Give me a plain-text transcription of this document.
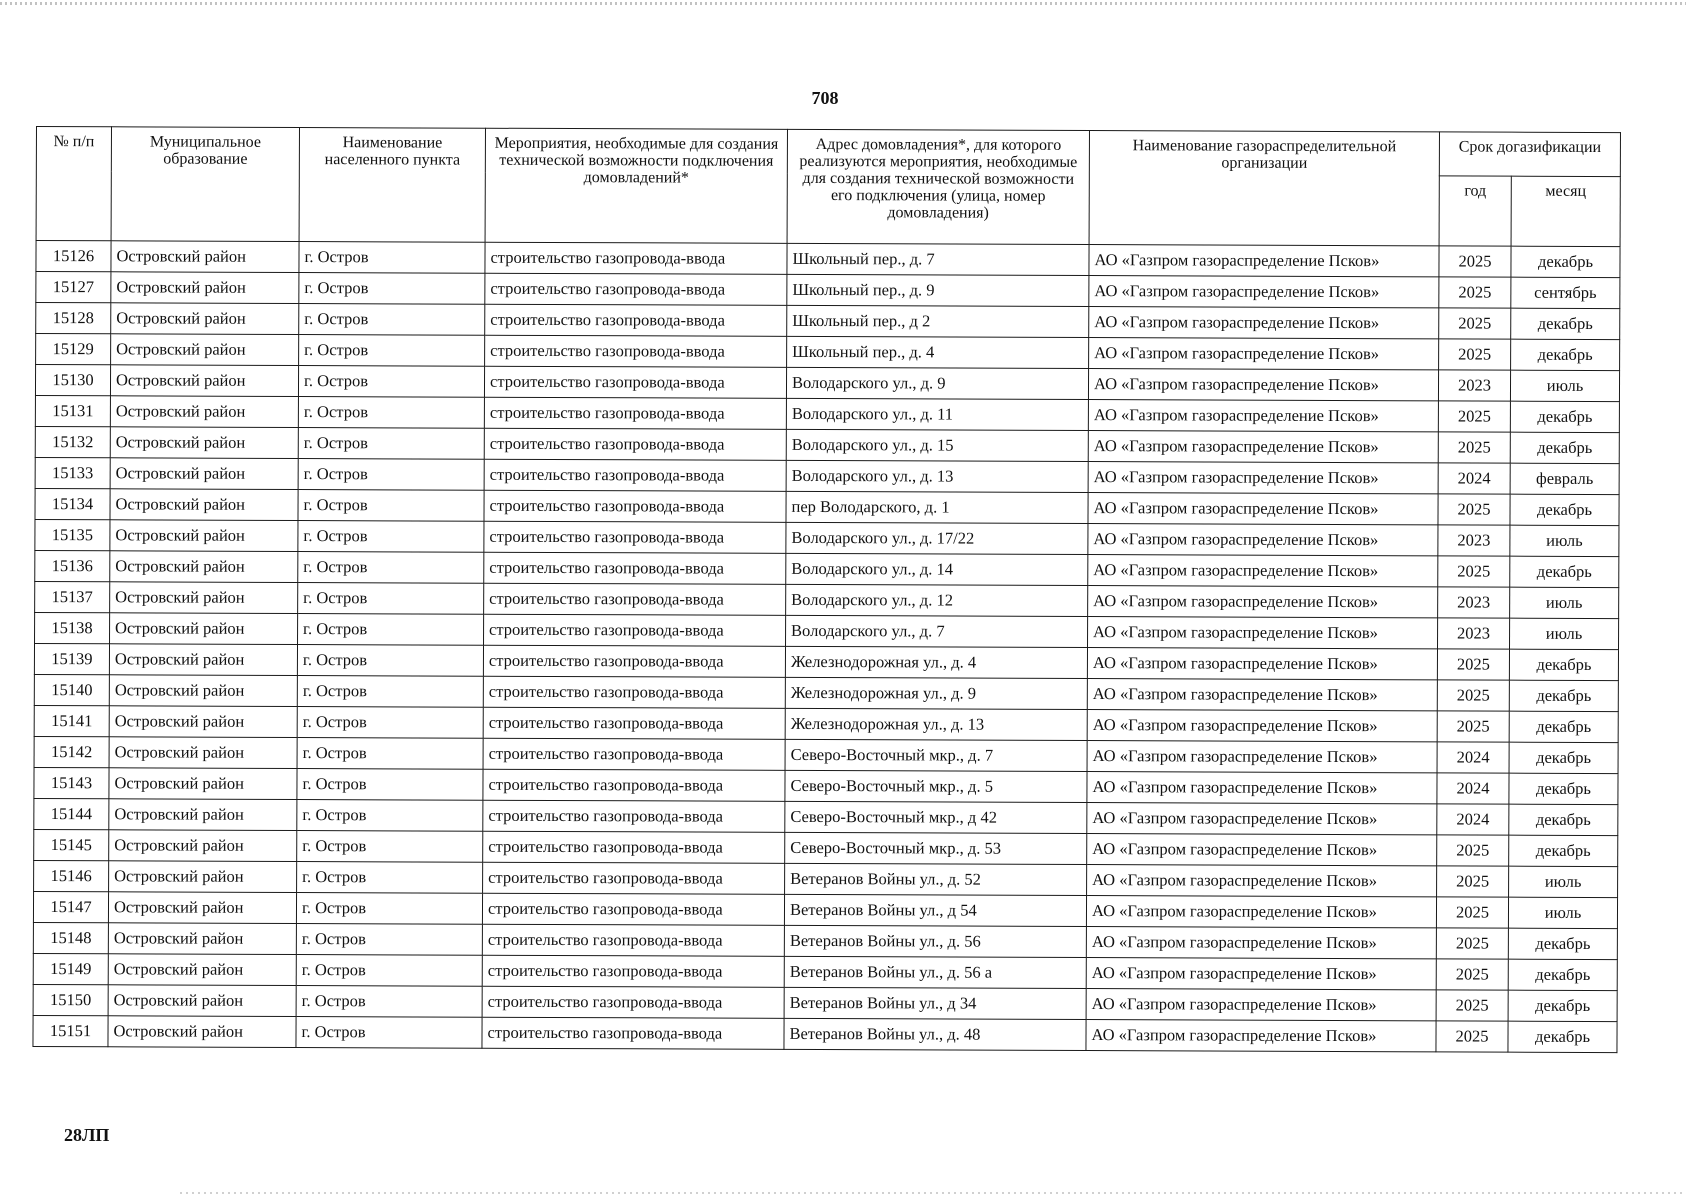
708
№ п/п	Муниципальное образование	Наименование населенного пункта	Мероприятия, необходимые для создания технической возможности подключения домовладений*	Адрес домовладения*, для которого реализуются мероприятия, необходимые для создания технической возможности его подключения (улица, номер домовладения)	Наименование газораспределительной организации	Срок догазификации	
						год	месяц
15126	Островский район	г. Остров	строительство газопровода-ввода	Школьный пер., д. 7	АО «Газпром газораспределение Псков»	2025	декабрь
15127	Островский район	г. Остров	строительство газопровода-ввода	Школьный пер., д. 9	АО «Газпром газораспределение Псков»	2025	сентябрь
15128	Островский район	г. Остров	строительство газопровода-ввода	Школьный пер., д 2	АО «Газпром газораспределение Псков»	2025	декабрь
15129	Островский район	г. Остров	строительство газопровода-ввода	Школьный пер., д. 4	АО «Газпром газораспределение Псков»	2025	декабрь
15130	Островский район	г. Остров	строительство газопровода-ввода	Володарского ул., д. 9	АО «Газпром газораспределение Псков»	2023	июль
15131	Островский район	г. Остров	строительство газопровода-ввода	Володарского ул., д. 11	АО «Газпром газораспределение Псков»	2025	декабрь
15132	Островский район	г. Остров	строительство газопровода-ввода	Володарского ул., д. 15	АО «Газпром газораспределение Псков»	2025	декабрь
15133	Островский район	г. Остров	строительство газопровода-ввода	Володарского ул., д. 13	АО «Газпром газораспределение Псков»	2024	февраль
15134	Островский район	г. Остров	строительство газопровода-ввода	пер Володарского, д. 1	АО «Газпром газораспределение Псков»	2025	декабрь
15135	Островский район	г. Остров	строительство газопровода-ввода	Володарского ул., д. 17/22	АО «Газпром газораспределение Псков»	2023	июль
15136	Островский район	г. Остров	строительство газопровода-ввода	Володарского ул., д. 14	АО «Газпром газораспределение Псков»	2025	декабрь
15137	Островский район	г. Остров	строительство газопровода-ввода	Володарского ул., д. 12	АО «Газпром газораспределение Псков»	2023	июль
15138	Островский район	г. Остров	строительство газопровода-ввода	Володарского ул., д. 7	АО «Газпром газораспределение Псков»	2023	июль
15139	Островский район	г. Остров	строительство газопровода-ввода	Железнодорожная ул., д. 4	АО «Газпром газораспределение Псков»	2025	декабрь
15140	Островский район	г. Остров	строительство газопровода-ввода	Железнодорожная ул., д. 9	АО «Газпром газораспределение Псков»	2025	декабрь
15141	Островский район	г. Остров	строительство газопровода-ввода	Железнодорожная ул., д. 13	АО «Газпром газораспределение Псков»	2025	декабрь
15142	Островский район	г. Остров	строительство газопровода-ввода	Северо-Восточный мкр., д. 7	АО «Газпром газораспределение Псков»	2024	декабрь
15143	Островский район	г. Остров	строительство газопровода-ввода	Северо-Восточный мкр., д. 5	АО «Газпром газораспределение Псков»	2024	декабрь
15144	Островский район	г. Остров	строительство газопровода-ввода	Северо-Восточный мкр., д 42	АО «Газпром газораспределение Псков»	2024	декабрь
15145	Островский район	г. Остров	строительство газопровода-ввода	Северо-Восточный мкр., д. 53	АО «Газпром газораспределение Псков»	2025	декабрь
15146	Островский район	г. Остров	строительство газопровода-ввода	Ветеранов Войны ул., д. 52	АО «Газпром газораспределение Псков»	2025	июль
15147	Островский район	г. Остров	строительство газопровода-ввода	Ветеранов Войны ул., д 54	АО «Газпром газораспределение Псков»	2025	июль
15148	Островский район	г. Остров	строительство газопровода-ввода	Ветеранов Войны ул., д. 56	АО «Газпром газораспределение Псков»	2025	декабрь
15149	Островский район	г. Остров	строительство газопровода-ввода	Ветеранов Войны ул., д. 56 а	АО «Газпром газораспределение Псков»	2025	декабрь
15150	Островский район	г. Остров	строительство газопровода-ввода	Ветеранов Войны ул., д 34	АО «Газпром газораспределение Псков»	2025	декабрь
15151	Островский район	г. Остров	строительство газопровода-ввода	Ветеранов Войны ул., д. 48	АО «Газпром газораспределение Псков»	2025	декабрь
28ЛП
